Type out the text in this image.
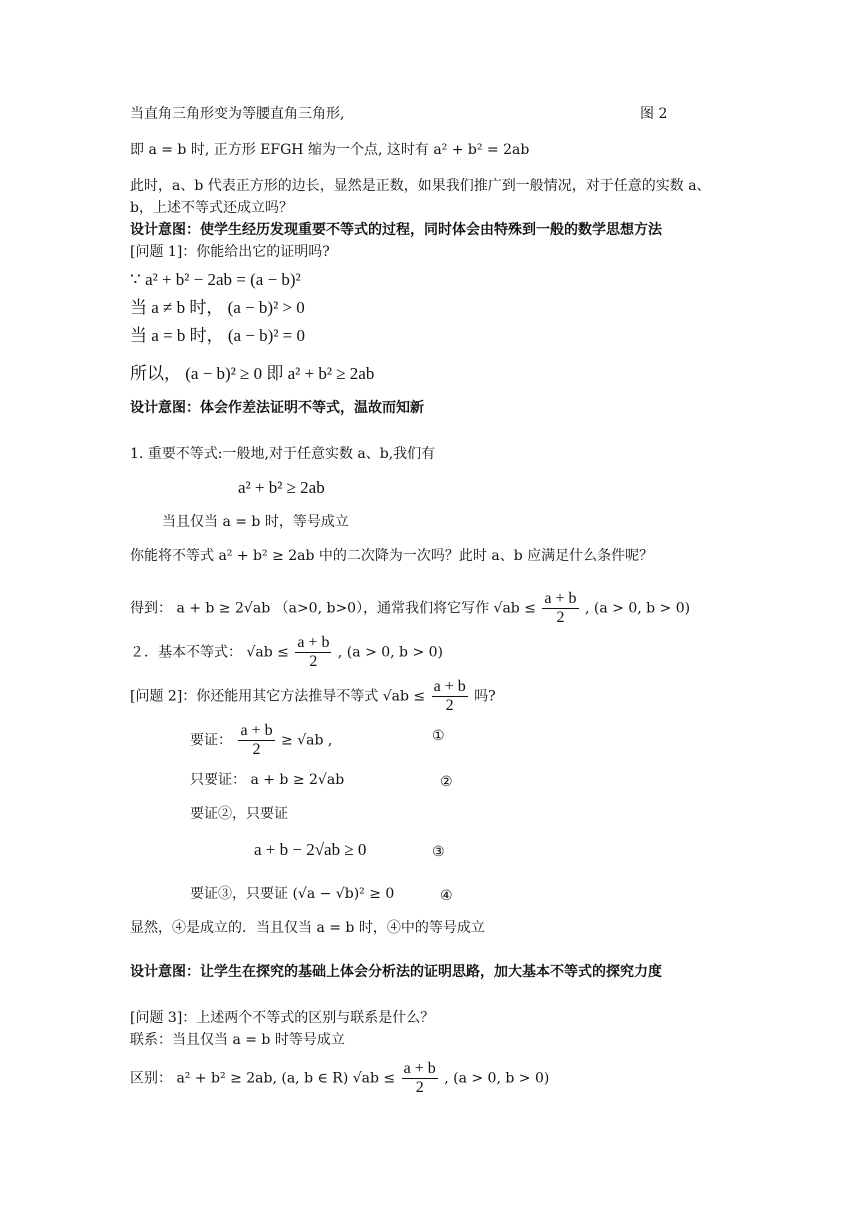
当直角三角形变为等腰直角三角形,	图 2
即 a = b 时, 正方形 EFGH 缩为一个点, 这时有 a² + b² = 2ab
此时，a、b 代表正方形的边长，显然是正数，如果我们推广到一般情况，对于任意的实数 a、
b，上述不等式还成立吗？
设计意图：使学生经历发现重要不等式的过程，同时体会由特殊到一般的数学思想方法
[问题 1]：你能给出它的证明吗?
∵ a² + b² − 2ab = (a − b)²
当 a ≠ b 时， (a − b)² > 0
当 a = b 时， (a − b)² = 0
所以， (a − b)² ≥ 0 即 a² + b² ≥ 2ab
设计意图：体会作差法证明不等式，温故而知新
1. 重要不等式:一般地,对于任意实数 a、b,我们有
a² + b² ≥ 2ab
当且仅当 a = b 时，等号成立
你能将不等式 a² + b² ≥ 2ab 中的二次降为一次吗？此时 a、b 应满足什么条件呢？
得到： a + b ≥ 2√ab （a>0, b>0），通常我们将它写作 $√ab \le \frac{a + b}{2}$ , (a > 0, b > 0)
２．基本不等式： $√ab \le \frac{a + b}{2}$ , (a > 0, b > 0)
[问题 2]：你还能用其它方法推导不等式 $√ab \le \frac{a + b}{2}$ 吗?
要证： $\frac{a + b}{2} \ge √ab$ ,	①
只要证： a + b ≥ 2√ab	②
要证②，只要证
a + b − 2√ab ≥ 0	③
要证③，只要证 (√a − √b)² ≥ 0	④
显然，④是成立的．当且仅当 a = b 时，④中的等号成立
设计意图：让学生在探究的基础上体会分析法的证明思路，加大基本不等式的探究力度
[问题 3]：上述两个不等式的区别与联系是什么？
联系：当且仅当 a = b 时等号成立
区别： a² + b² ≥ 2ab, (a, b ∈ R) $√ab \le \frac{a + b}{2}$ , (a > 0, b > 0)
